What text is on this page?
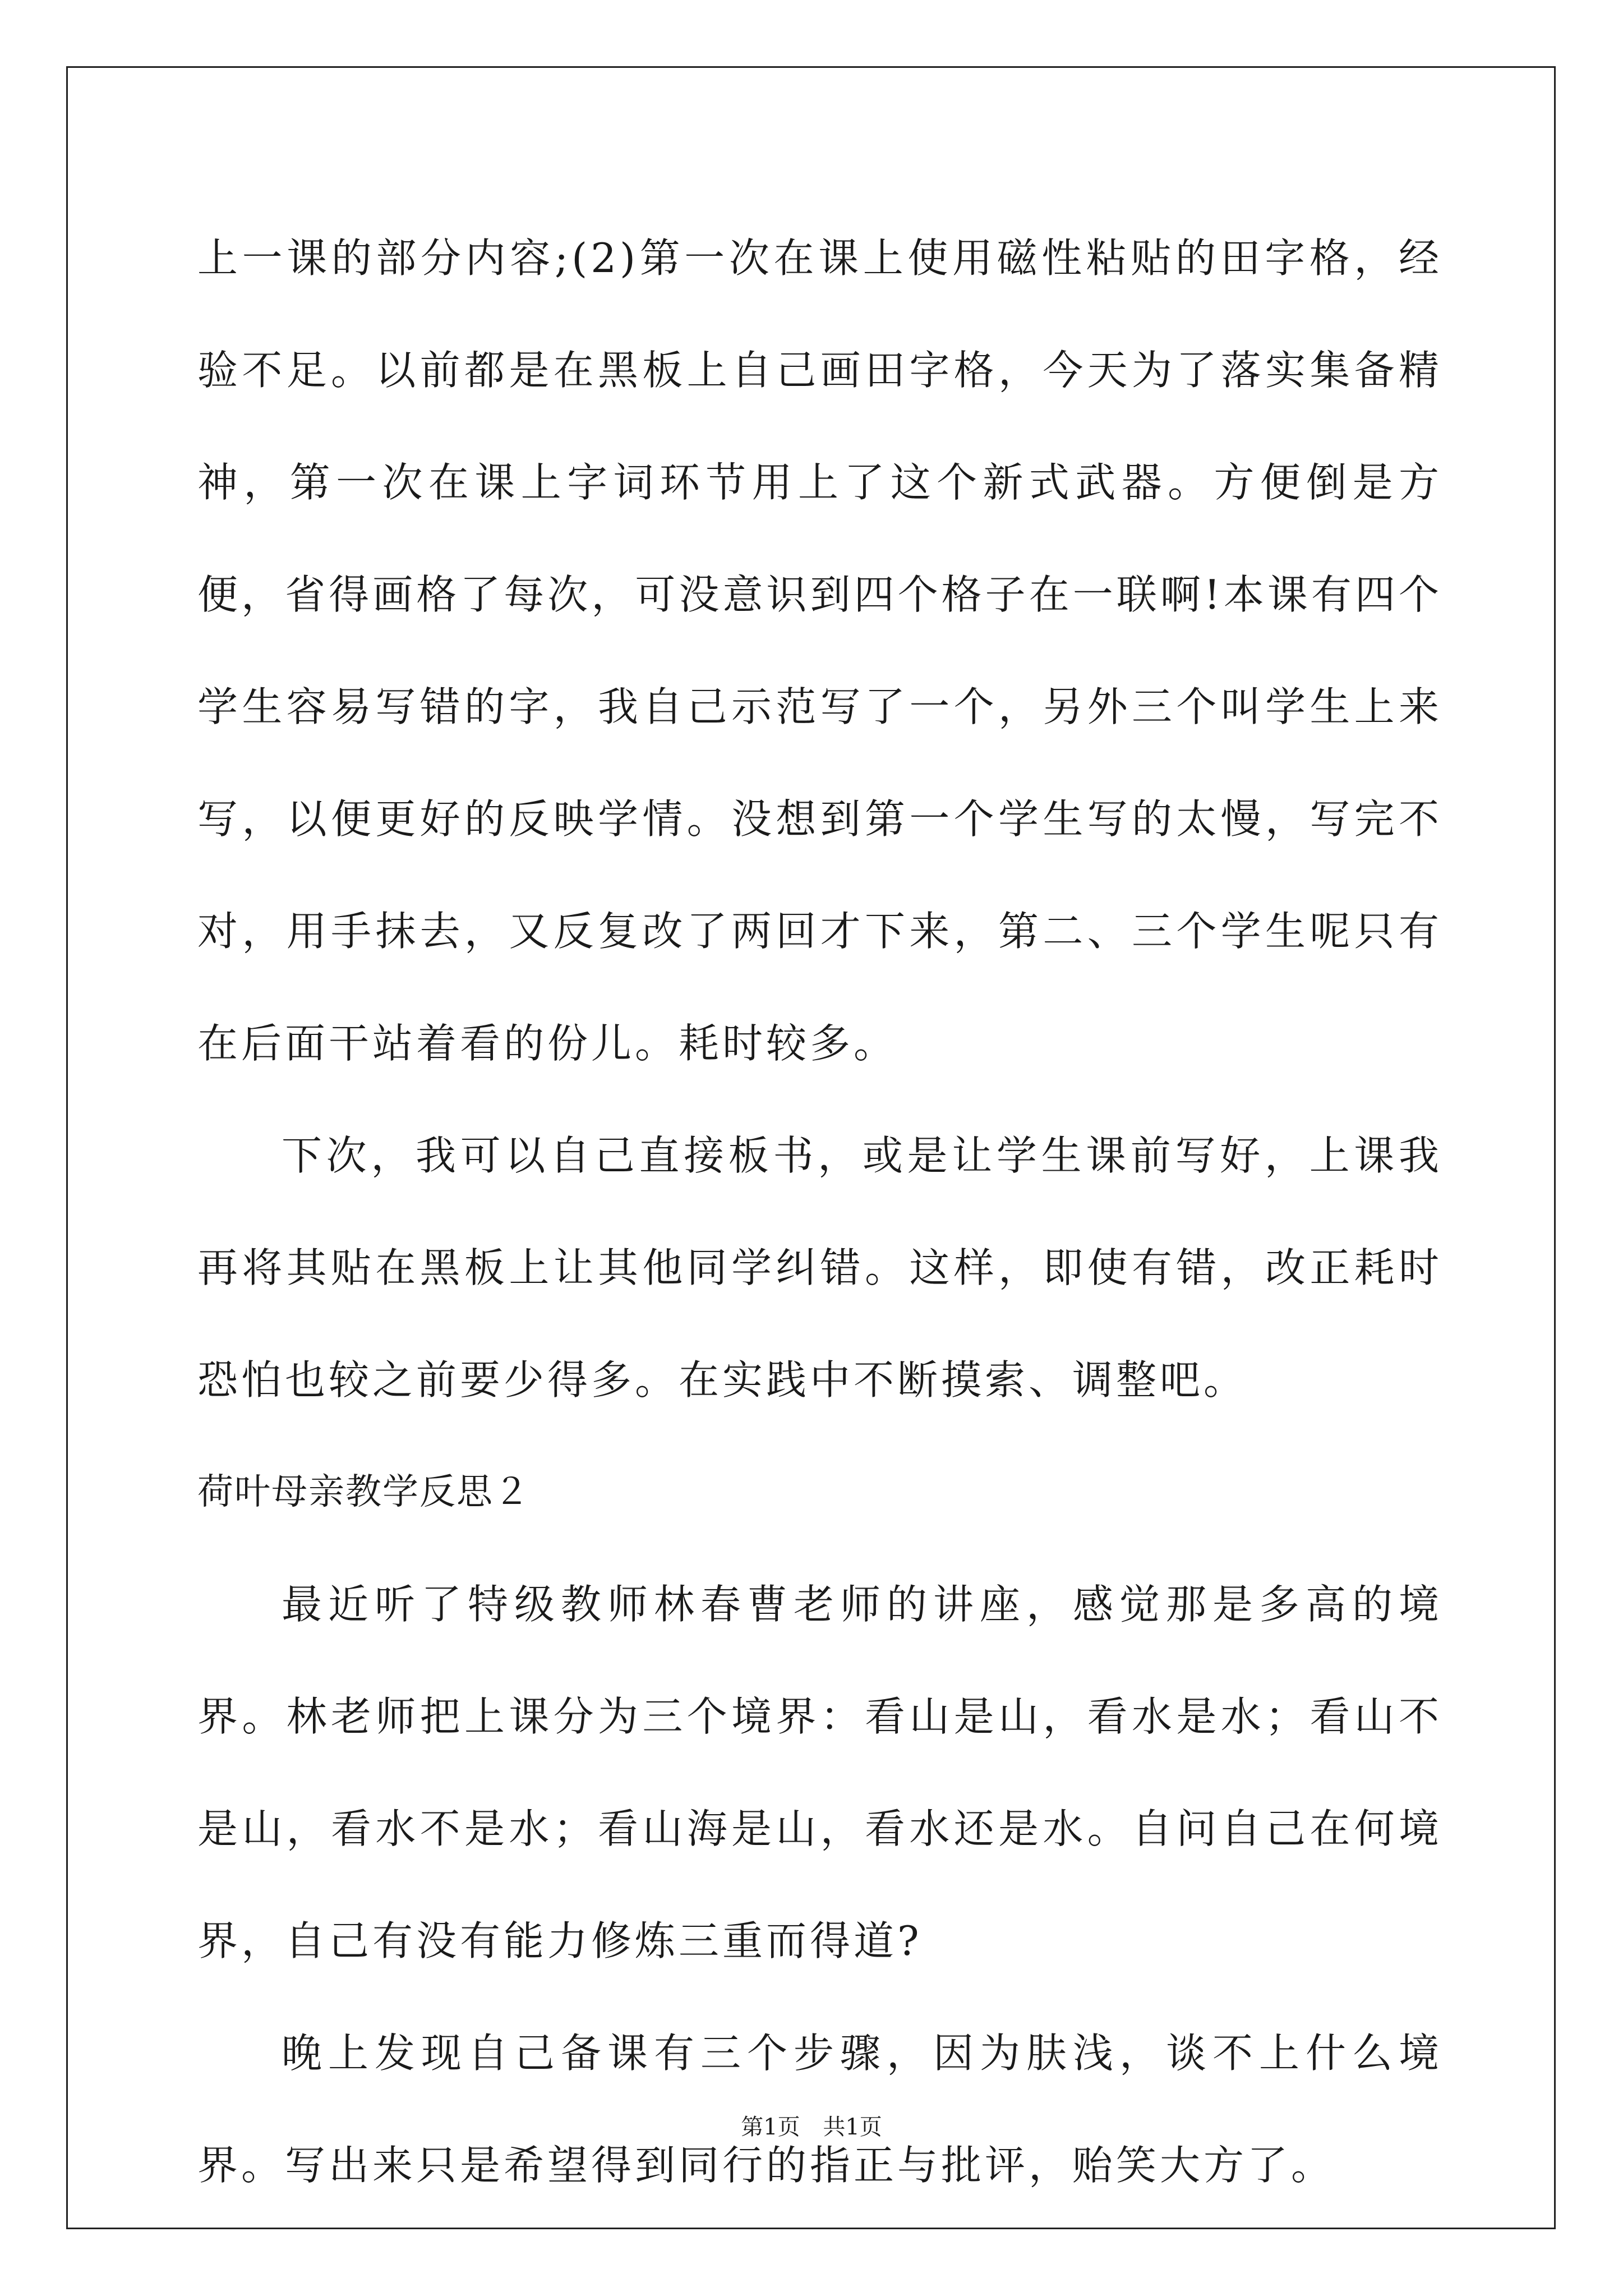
上一课的部分内容;(2)第一次在课上使用磁性粘贴的田字格，经验不足。以前都是在黑板上自己画田字格，今天为了落实集备精神，第一次在课上字词环节用上了这个新式武器。方便倒是方便，省得画格了每次，可没意识到四个格子在一联啊!本课有四个学生容易写错的字，我自己示范写了一个，另外三个叫学生上来写，以便更好的反映学情。没想到第一个学生写的太慢，写完不对，用手抹去，又反复改了两回才下来，第二、三个学生呢只有在后面干站着看的份儿。耗时较多。

下次，我可以自己直接板书，或是让学生课前写好，上课我再将其贴在黑板上让其他同学纠错。这样，即使有错，改正耗时恐怕也较之前要少得多。在实践中不断摸索、调整吧。

荷叶母亲教学反思２

最近听了特级教师林春曹老师的讲座，感觉那是多高的境界。林老师把上课分为三个境界：看山是山，看水是水；看山不是山，看水不是水；看山海是山，看水还是水。自问自己在何境界，自己有没有能力修炼三重而得道?

晚上发现自己备课有三个步骤，因为肤浅，谈不上什么境界。写出来只是希望得到同行的指正与批评，贻笑大方了。

第1页 共1页
